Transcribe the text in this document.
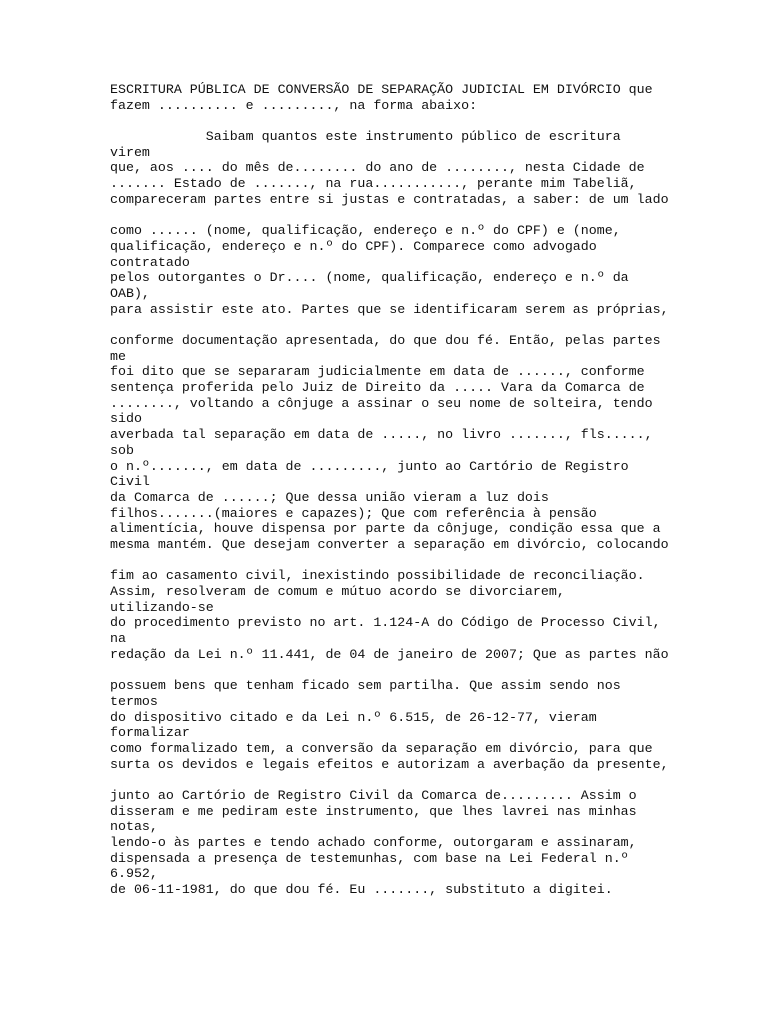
ESCRITURA PÚBLICA DE CONVERSÃO DE SEPARAÇÃO JUDICIAL EM DIVÓRCIO que
fazem .......... e ........., na forma abaixo:
Saibam quantos este instrumento público de escritura
virem
que, aos .... do mês de........ do ano de ........, nesta Cidade de
....... Estado de ......., na rua..........., perante mim Tabeliã,
compareceram partes entre si justas e contratadas, a saber: de um lado
como ...... (nome, qualificação, endereço e n.º do CPF) e (nome,
qualificação, endereço e n.º do CPF). Comparece como advogado
contratado
pelos outorgantes o Dr.... (nome, qualificação, endereço e n.º da
OAB),
para assistir este ato. Partes que se identificaram serem as próprias,
conforme documentação apresentada, do que dou fé. Então, pelas partes
me
foi dito que se separaram judicialmente em data de ......, conforme
sentença proferida pelo Juiz de Direito da ..... Vara da Comarca de
........, voltando a cônjuge a assinar o seu nome de solteira, tendo
sido
averbada tal separação em data de ....., no livro ......., fls.....,
sob
o n.º......., em data de ........., junto ao Cartório de Registro
Civil
da Comarca de ......; Que dessa união vieram a luz dois
filhos.......(maiores e capazes); Que com referência à pensão
alimentícia, houve dispensa por parte da cônjuge, condição essa que a
mesma mantém. Que desejam converter a separação em divórcio, colocando
fim ao casamento civil, inexistindo possibilidade de reconciliação.
Assim, resolveram de comum e mútuo acordo se divorciarem,
utilizando-se
do procedimento previsto no art. 1.124-A do Código de Processo Civil,
na
redação da Lei n.º 11.441, de 04 de janeiro de 2007; Que as partes não
possuem bens que tenham ficado sem partilha. Que assim sendo nos
termos
do dispositivo citado e da Lei n.º 6.515, de 26-12-77, vieram
formalizar
como formalizado tem, a conversão da separação em divórcio, para que
surta os devidos e legais efeitos e autorizam a averbação da presente,
junto ao Cartório de Registro Civil da Comarca de......... Assim o
disseram e me pediram este instrumento, que lhes lavrei nas minhas
notas,
lendo-o às partes e tendo achado conforme, outorgaram e assinaram,
dispensada a presença de testemunhas, com base na Lei Federal n.º
6.952,
de 06-11-1981, do que dou fé. Eu ......., substituto a digitei.
